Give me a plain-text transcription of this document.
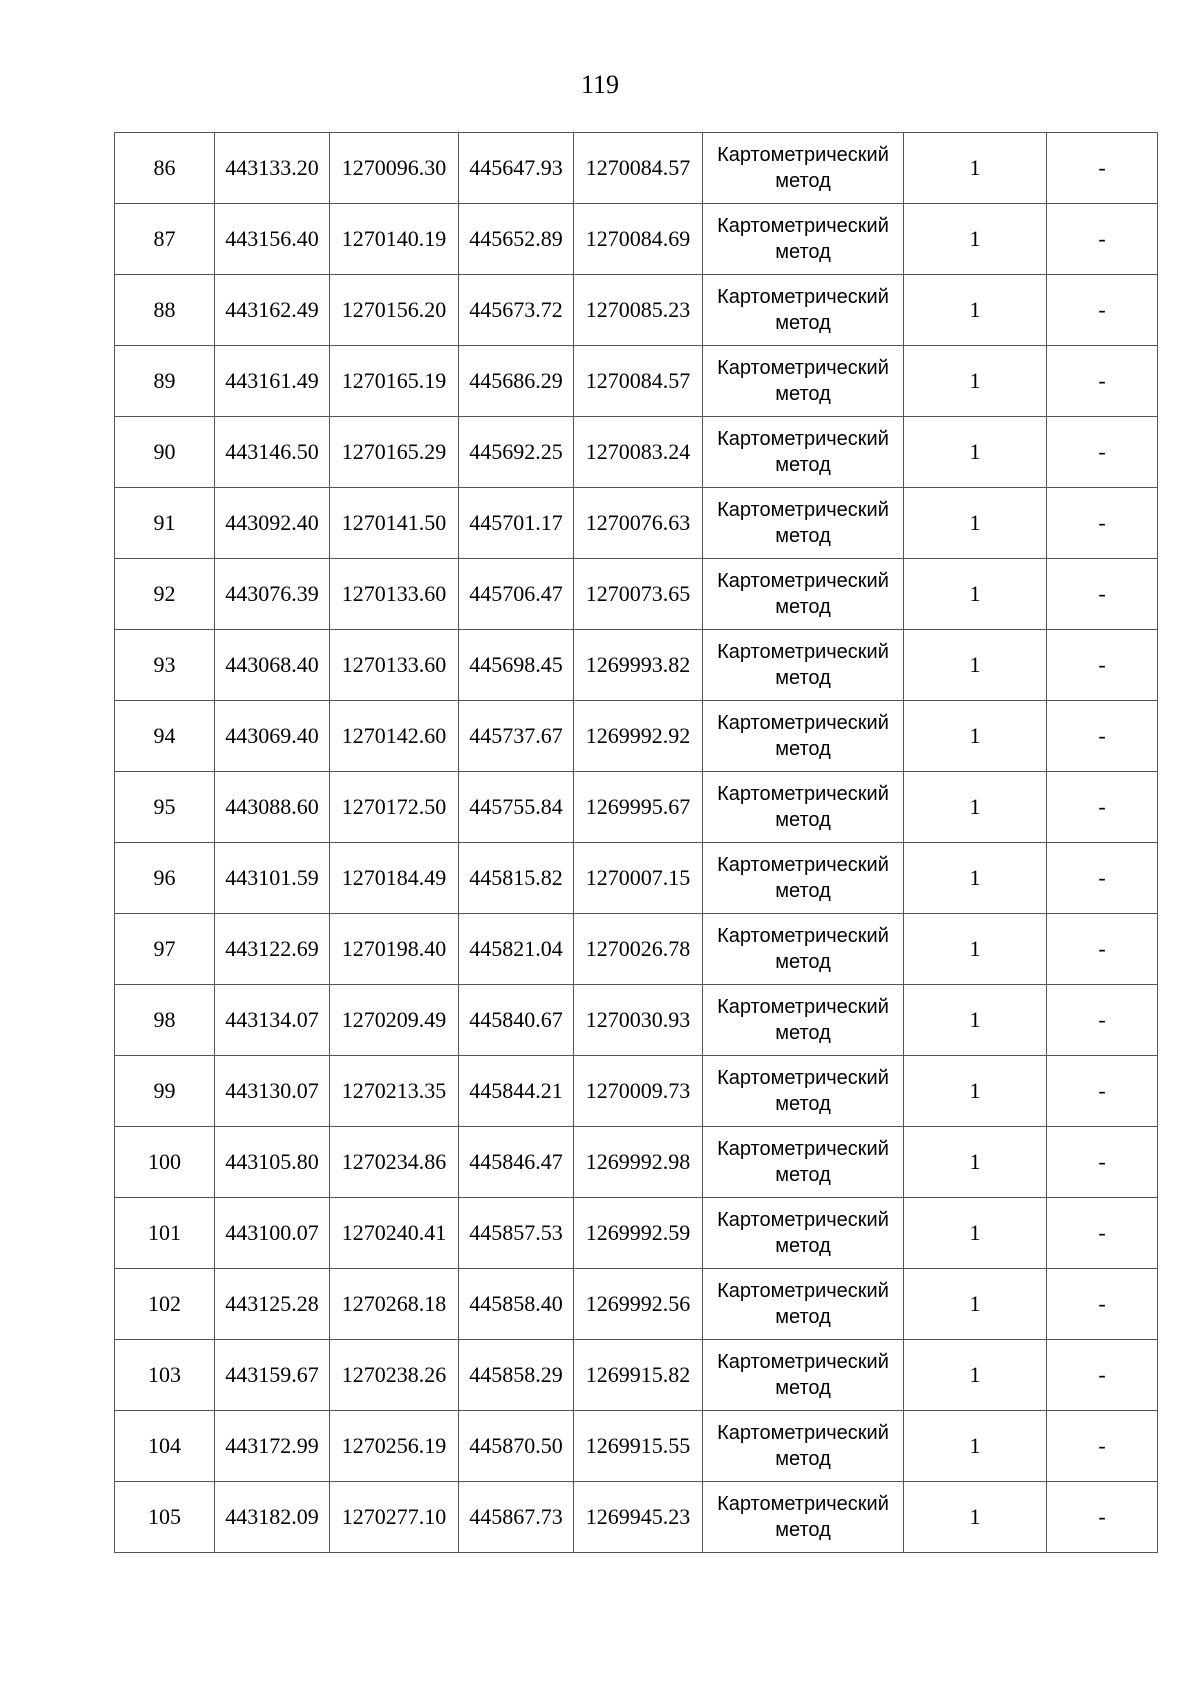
119
86	443133.20	1270096.30	445647.93	1270084.57	Картометрический
метод	1	-
87	443156.40	1270140.19	445652.89	1270084.69	Картометрический
метод	1	-
88	443162.49	1270156.20	445673.72	1270085.23	Картометрический
метод	1	-
89	443161.49	1270165.19	445686.29	1270084.57	Картометрический
метод	1	-
90	443146.50	1270165.29	445692.25	1270083.24	Картометрический
метод	1	-
91	443092.40	1270141.50	445701.17	1270076.63	Картометрический
метод	1	-
92	443076.39	1270133.60	445706.47	1270073.65	Картометрический
метод	1	-
93	443068.40	1270133.60	445698.45	1269993.82	Картометрический
метод	1	-
94	443069.40	1270142.60	445737.67	1269992.92	Картометрический
метод	1	-
95	443088.60	1270172.50	445755.84	1269995.67	Картометрический
метод	1	-
96	443101.59	1270184.49	445815.82	1270007.15	Картометрический
метод	1	-
97	443122.69	1270198.40	445821.04	1270026.78	Картометрический
метод	1	-
98	443134.07	1270209.49	445840.67	1270030.93	Картометрический
метод	1	-
99	443130.07	1270213.35	445844.21	1270009.73	Картометрический
метод	1	-
100	443105.80	1270234.86	445846.47	1269992.98	Картометрический
метод	1	-
101	443100.07	1270240.41	445857.53	1269992.59	Картометрический
метод	1	-
102	443125.28	1270268.18	445858.40	1269992.56	Картометрический
метод	1	-
103	443159.67	1270238.26	445858.29	1269915.82	Картометрический
метод	1	-
104	443172.99	1270256.19	445870.50	1269915.55	Картометрический
метод	1	-
105	443182.09	1270277.10	445867.73	1269945.23	Картометрический
метод	1	-
